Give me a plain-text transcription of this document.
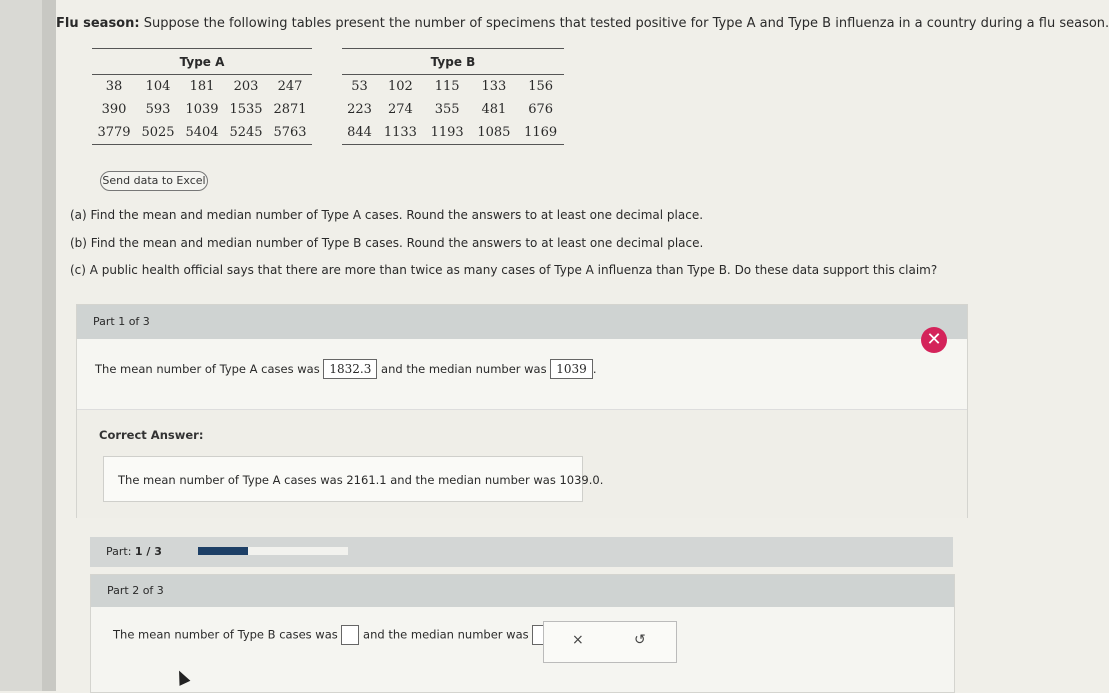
Flu season: Suppose the following tables present the number of specimens that tested positive for Type A and Type B influenza in a country during a flu season.
Type A				
38	104	181	203	247
390	593	1039	1535	2871
3779	5025	5404	5245	5763
Type B				
53	102	115	133	156
223	274	355	481	676
844	1133	1193	1085	1169
Send data to Excel
(a) Find the mean and median number of Type A cases. Round the answers to at least one decimal place.
(b) Find the mean and median number of Type B cases. Round the answers to at least one decimal place.
(c) A public health official says that there are more than twice as many cases of Type A influenza than Type B. Do these data support this claim?
Part 1 of 3
✕
The mean number of Type A cases was 1832.3 and the median number was 1039 .
Correct Answer:
The mean number of Type A cases was 2161.1 and the median number was 1039.0.
Part: 1 / 3
Part 2 of 3
The mean number of Type B cases was and the median number was	×	↺
